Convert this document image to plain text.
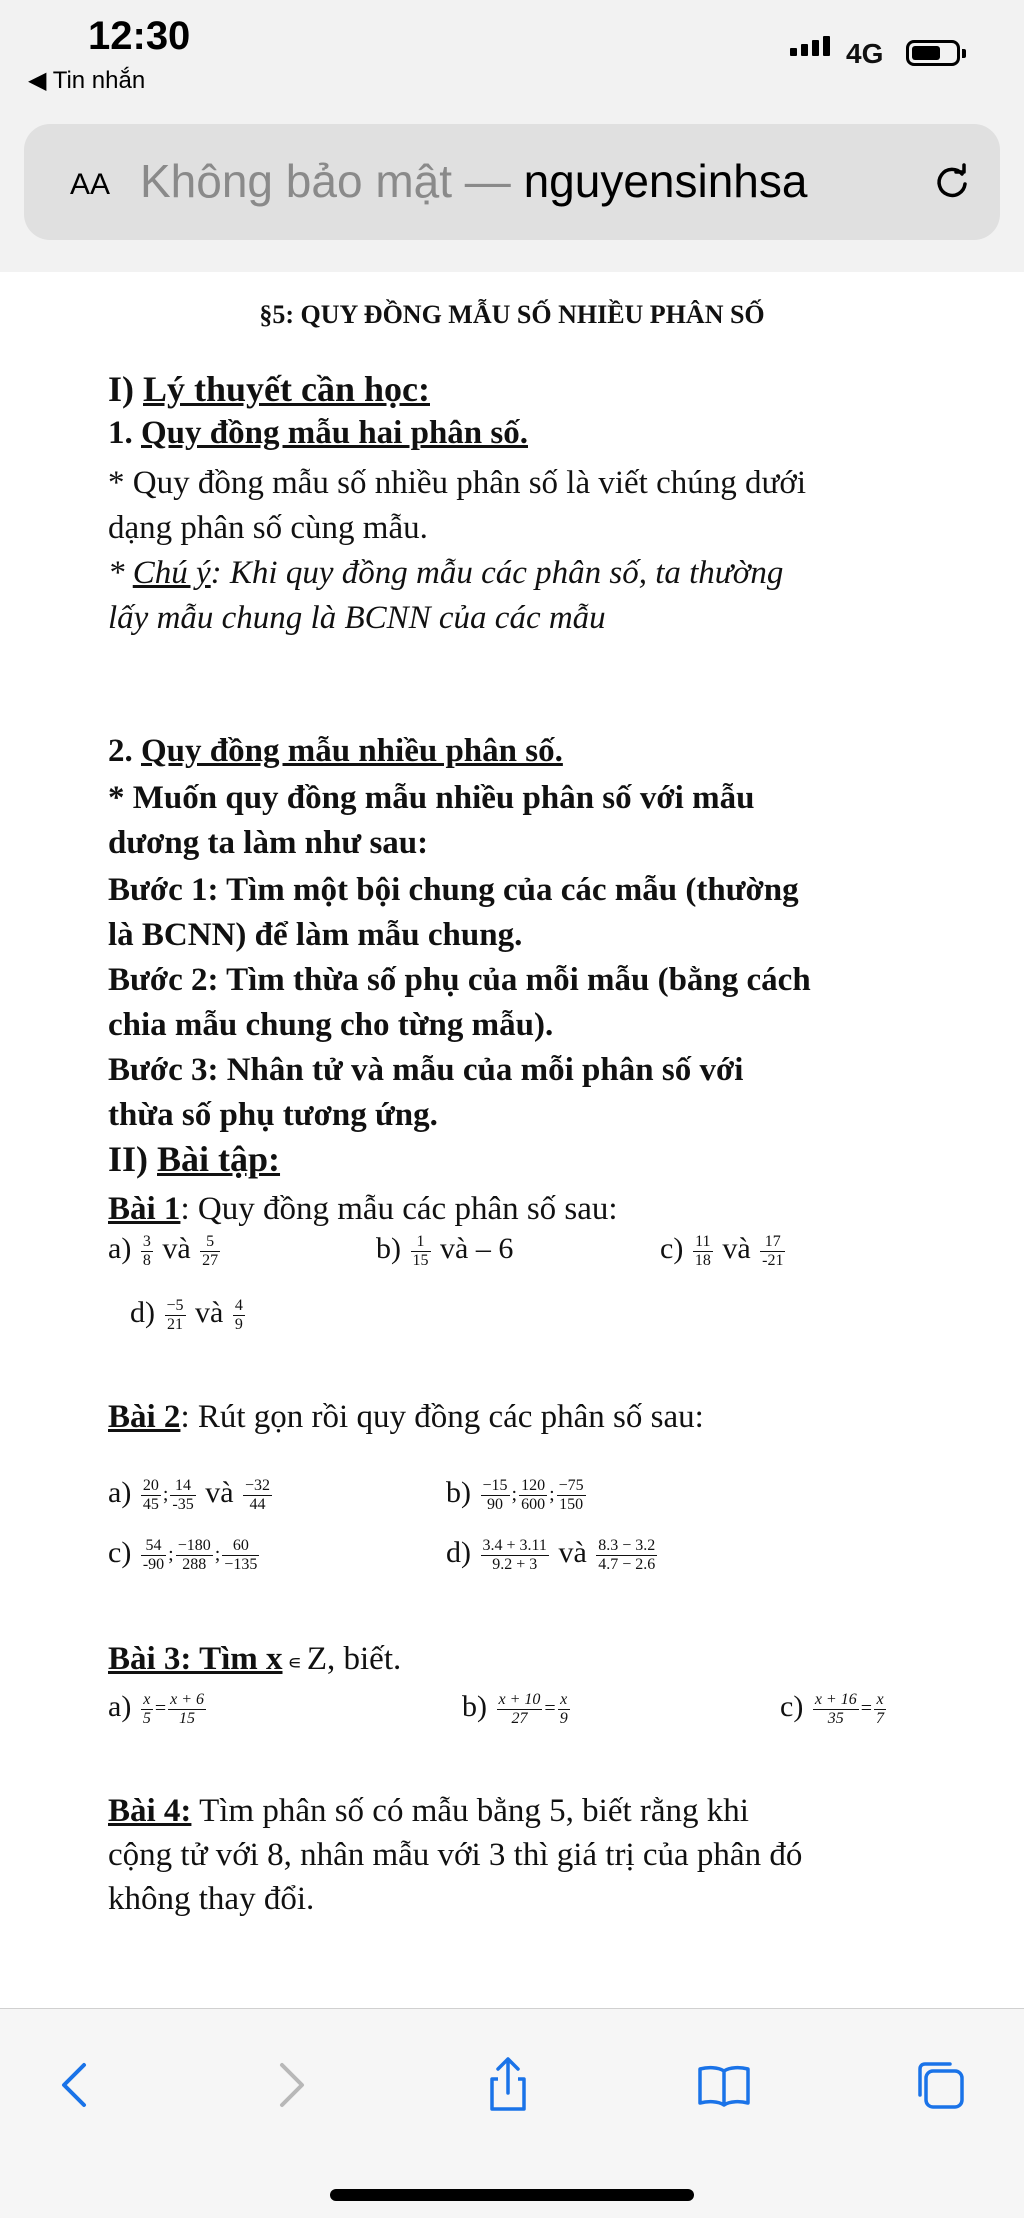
12:30
◀ Tin nhắn
4G
AA Không bảo mật — nguyensinhsa
§5: QUY ĐỒNG MẪU SỐ NHIỀU PHÂN SỐ
I) Lý thuyết cần học:
1. Quy đồng mẫu hai phân số.
* Quy đồng mẫu số nhiều phân số là viết chúng dưới
dạng phân số cùng mẫu.
* Chú ý: Khi quy đồng mẫu các phân số, ta thường
lấy mẫu chung là BCNN của các mẫu
2. Quy đồng mẫu nhiều phân số.
* Muốn quy đồng mẫu nhiều phân số với mẫu
dương ta làm như sau:
Bước 1: Tìm một bội chung của các mẫu (thường
là BCNN) để làm mẫu chung.
Bước 2: Tìm thừa số phụ của mỗi mẫu (bằng cách
chia mẫu chung cho từng mẫu).
Bước 3: Nhân tử và mẫu của mỗi phân số với
thừa số phụ tương ứng.
II) Bài tập:
Bài 1: Quy đồng mẫu các phân số sau:
$a) \frac{3}{8}$ và $\frac{5}{27}$	$b) \frac{1}{15}$ và – 6	$c) \frac{11}{18}$ và $\frac{17}{-21}$
$d) \frac{-5}{21}$ và $\frac{4}{9}$
Bài 2: Rút gọn rồi quy đồng các phân số sau:
$a) \frac{20}{45}$ ; $\frac{14}{-35}$ và $\frac{-32}{44}$	$b) \frac{-15}{90}$ ; $\frac{120}{600}$ ; $\frac{-75}{150}$
$c) \frac{54}{-90}$ ; $\frac{-180}{288}$ ; $\frac{60}{-135}$	$d) \frac{3.4 + 3.11}{9.2 + 3}$ và $\frac{8.3 - 3.2}{4.7 - 2.6}$
Bài 3: Tìm x ∊ Z, biết.
$a) \frac{x}{5} = \frac{x + 6}{15}$	$b) \frac{x + 10}{27} = \frac{x}{9}$	$c) \frac{x + 16}{35} = \frac{x}{7}$
Bài 4: Tìm phân số có mẫu bằng 5, biết rằng khi
cộng tử với 8, nhân mẫu với 3 thì giá trị của phân đó
không thay đổi.
